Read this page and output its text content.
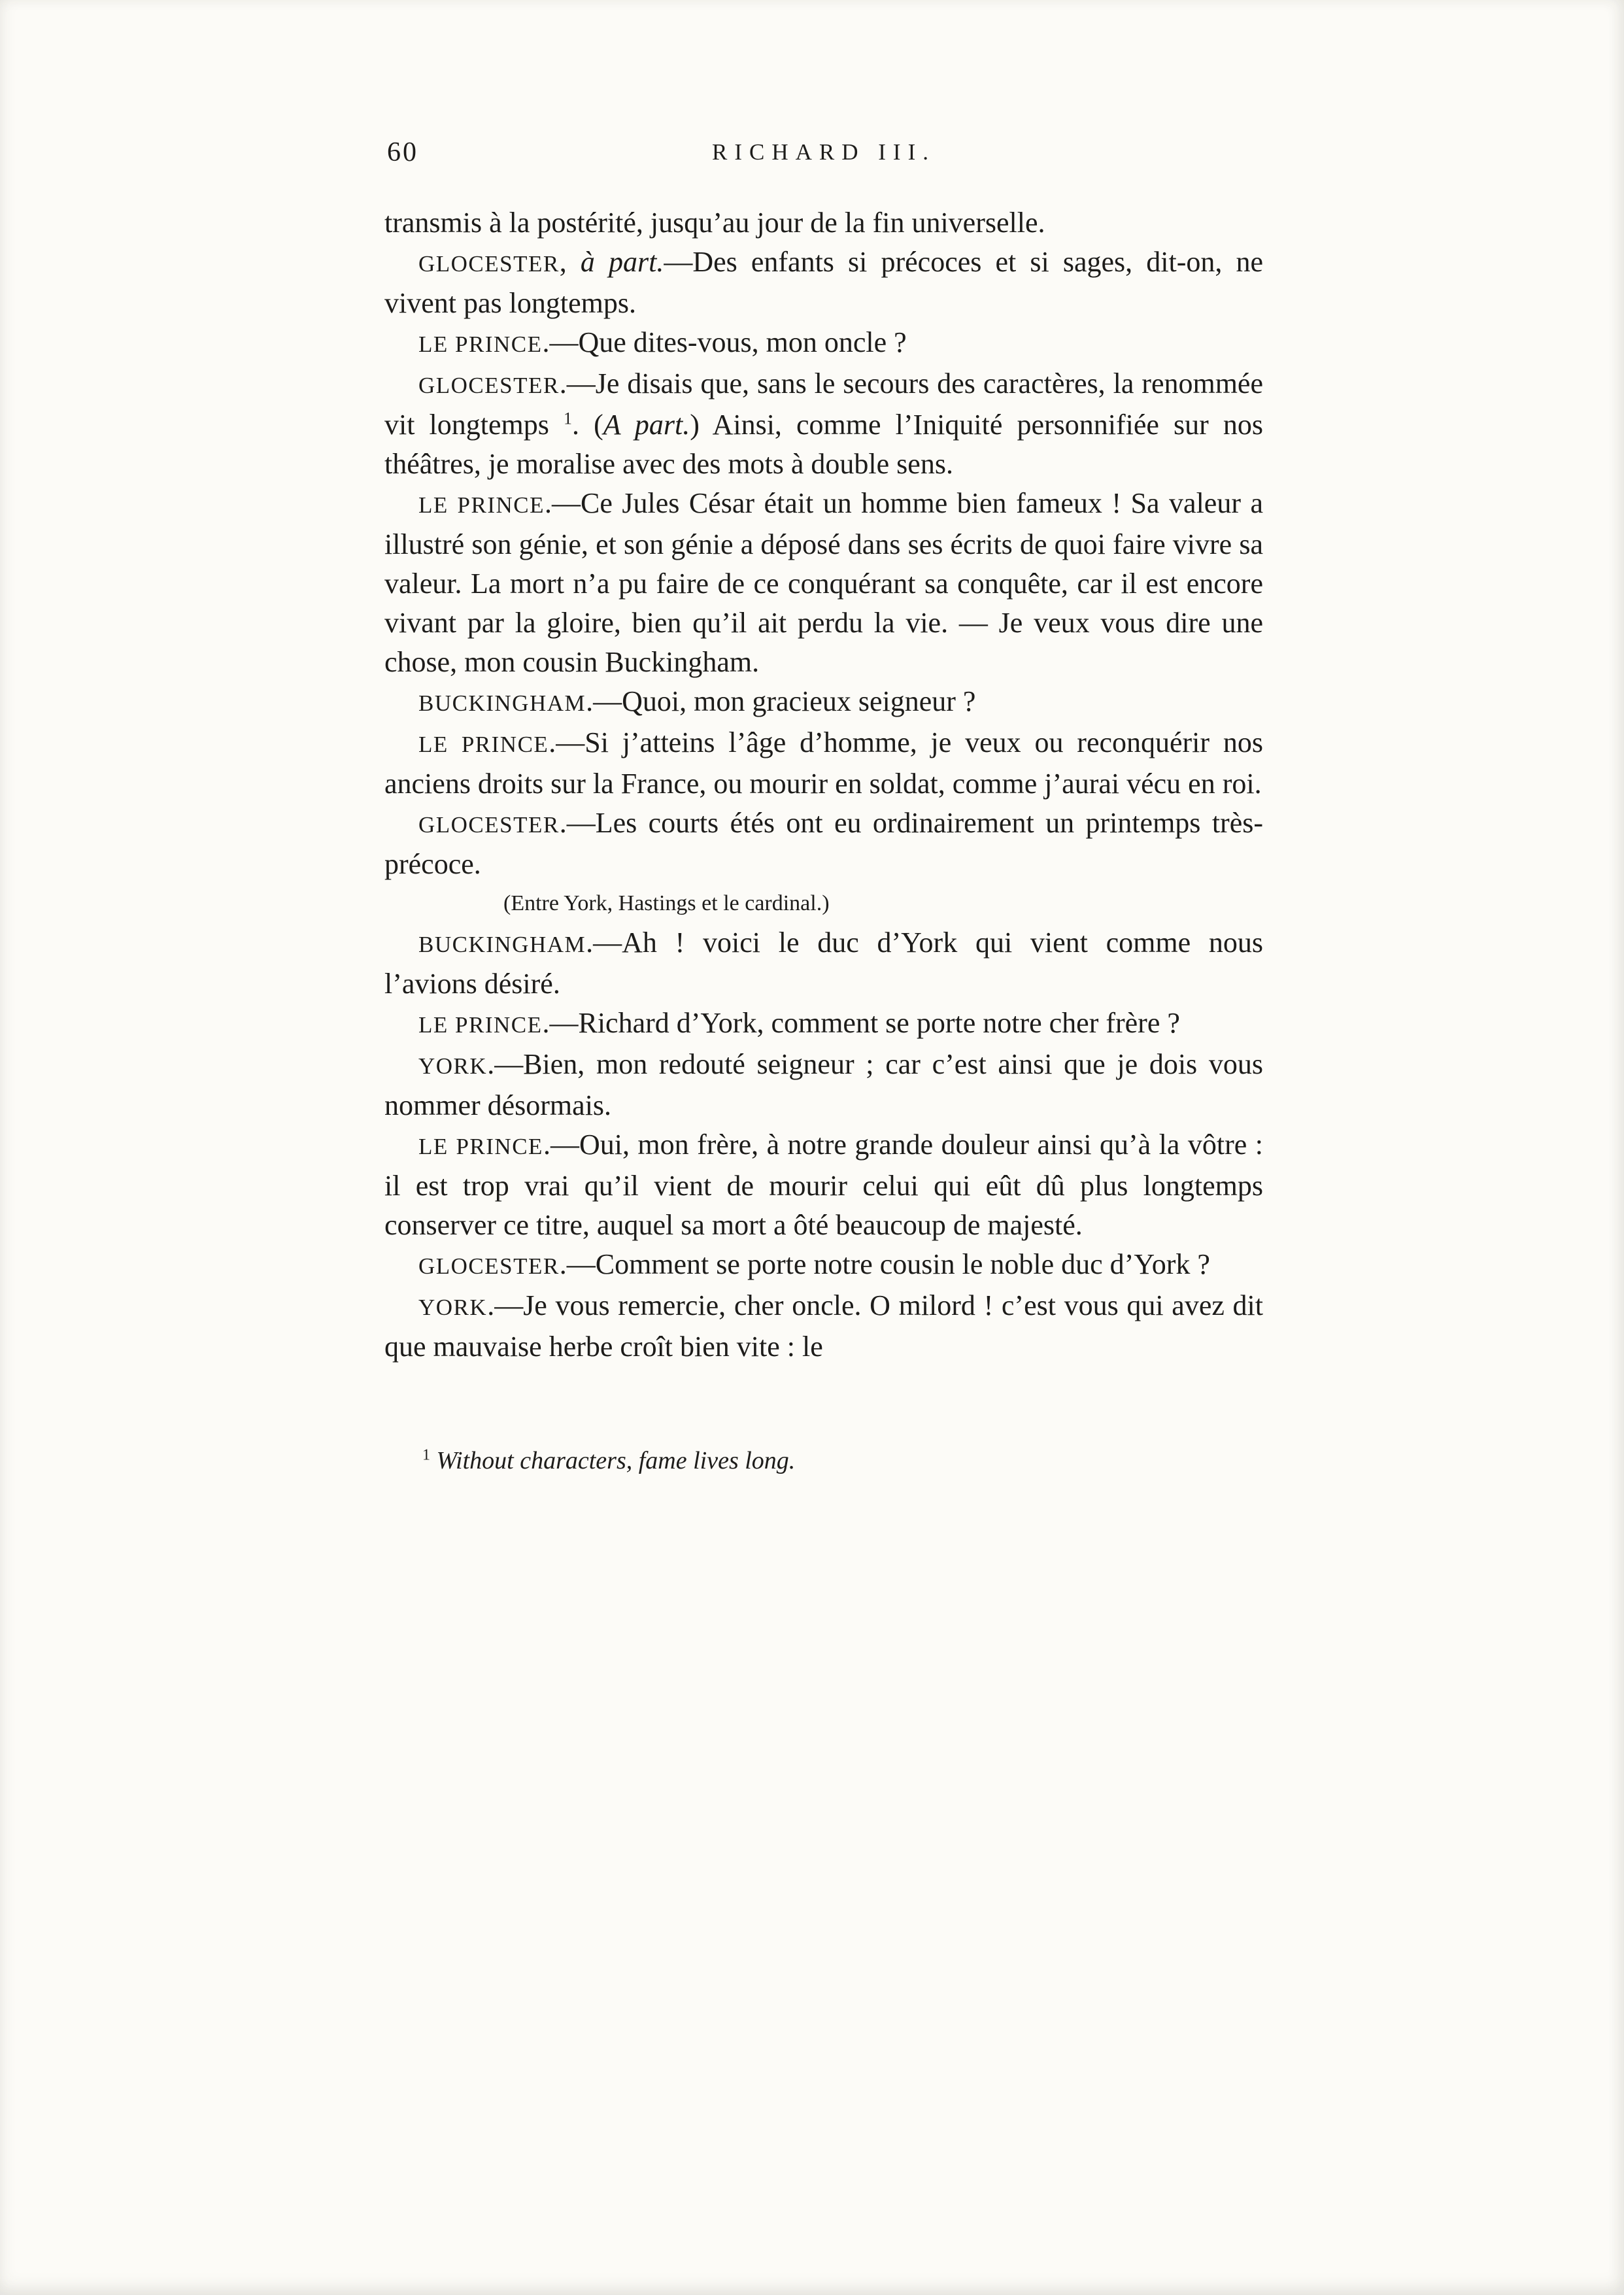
60	RICHARD III.

transmis à la postérité, jusqu’au jour de la fin universelle.

GLOCESTER, à part.—Des enfants si précoces et si sages, dit-on, ne vivent pas longtemps.

LE PRINCE.—Que dites-vous, mon oncle ?

GLOCESTER.—Je disais que, sans le secours des caractères, la renommée vit longtemps $^1$. (A part.) Ainsi, comme l’Iniquité personnifiée sur nos théâtres, je moralise avec des mots à double sens.

LE PRINCE.—Ce Jules César était un homme bien fameux ! Sa valeur a illustré son génie, et son génie a déposé dans ses écrits de quoi faire vivre sa valeur. La mort n’a pu faire de ce conquérant sa conquête, car il est encore vivant par la gloire, bien qu’il ait perdu la vie. — Je veux vous dire une chose, mon cousin Buckingham.

BUCKINGHAM.—Quoi, mon gracieux seigneur ?

LE PRINCE.—Si j’atteins l’âge d’homme, je veux ou reconquérir nos anciens droits sur la France, ou mourir en soldat, comme j’aurai vécu en roi.

GLOCESTER.—Les courts étés ont eu ordinairement un printemps très-précoce.

(Entre York, Hastings et le cardinal.)

BUCKINGHAM.—Ah ! voici le duc d’York qui vient comme nous l’avions désiré.

LE PRINCE.—Richard d’York, comment se porte notre cher frère ?

YORK.—Bien, mon redouté seigneur ; car c’est ainsi que je dois vous nommer désormais.

LE PRINCE.—Oui, mon frère, à notre grande douleur ainsi qu’à la vôtre : il est trop vrai qu’il vient de mourir celui qui eût dû plus longtemps conserver ce titre, auquel sa mort a ôté beaucoup de majesté.

GLOCESTER.—Comment se porte notre cousin le noble duc d’York ?

YORK.—Je vous remercie, cher oncle. O milord ! c’est vous qui avez dit que mauvaise herbe croît bien vite : le

$^1$ Without characters, fame lives long.
